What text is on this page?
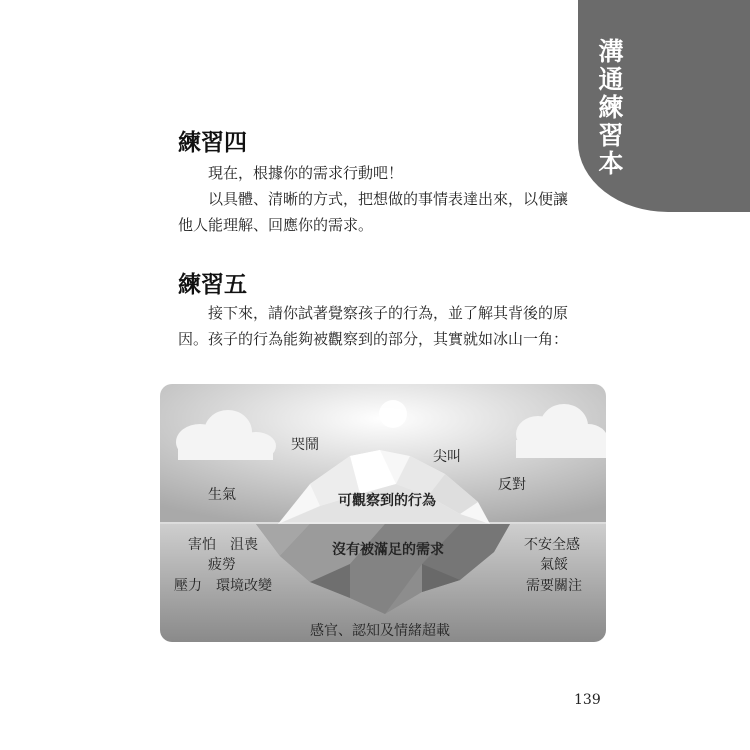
溝通練習本
練習四

現在，根據你的需求行動吧！

以具體、清晰的方式，把想做的事情表達出來，以便讓他人能理解、回應你的需求。

練習五

接下來，請你試著覺察孩子的行為，並了解其背後的原因。孩子的行為能夠被觀察到的部分，其實就如冰山一角：

哭鬧
尖叫
生氣
反對
可觀察到的行為
沒有被滿足的需求
害怕　沮喪
疲勞
壓力　環境改變
不安全感
氣餒
需要關注
感官、認知及情緒超載
139
